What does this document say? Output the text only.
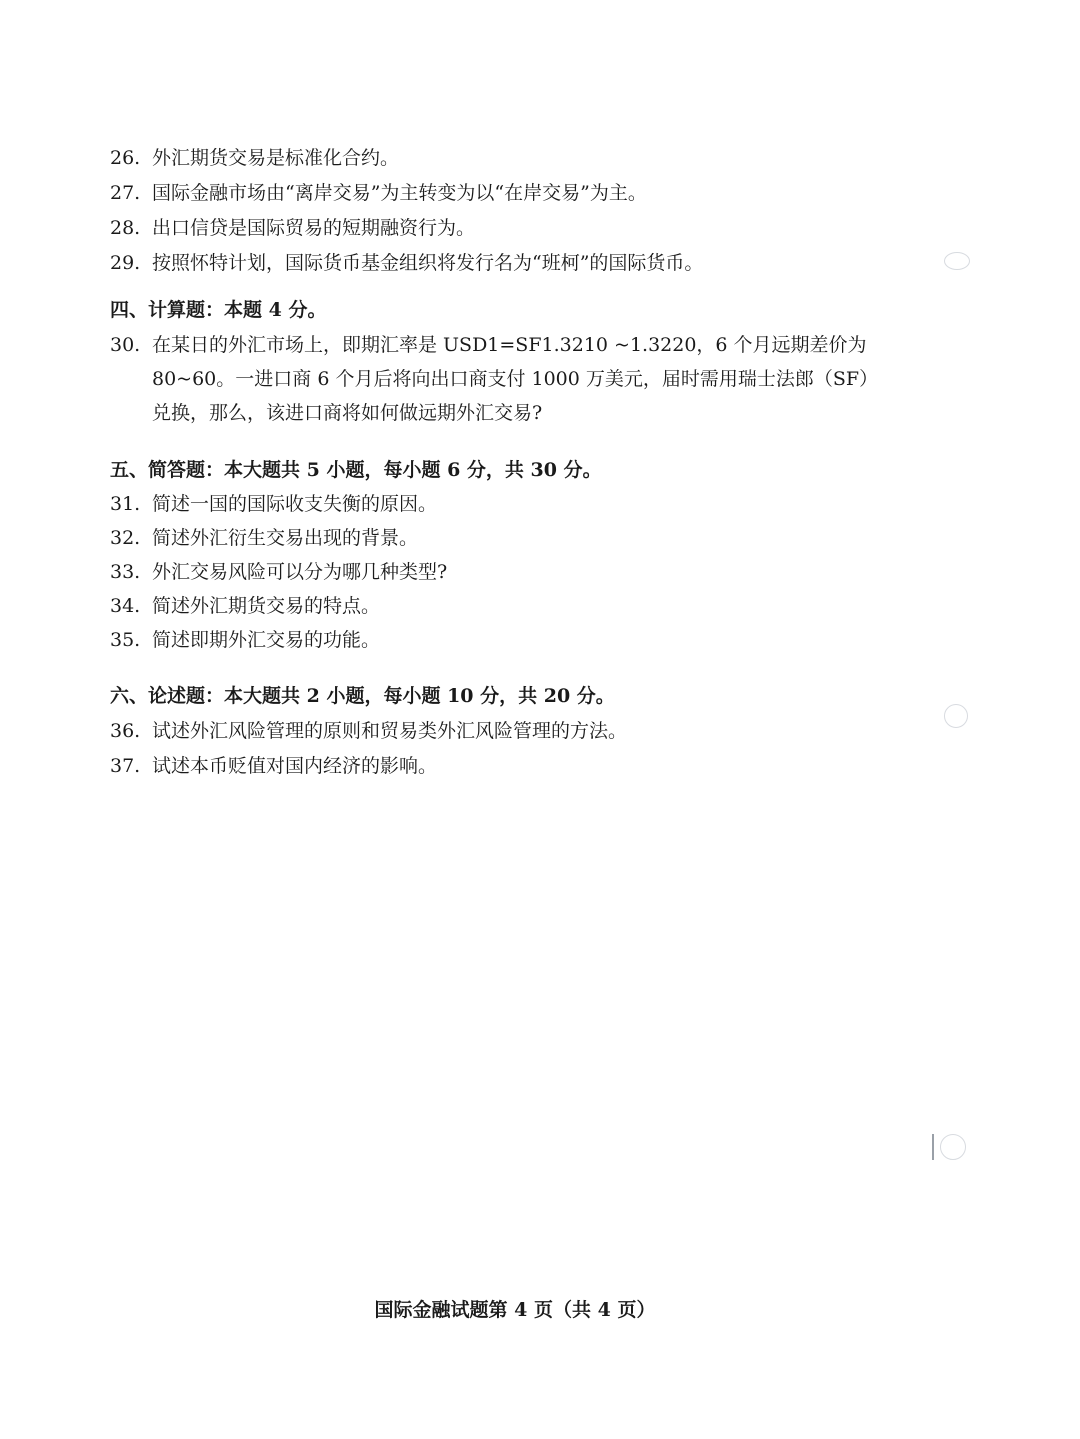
26. 外汇期货交易是标准化合约。
27. 国际金融市场由“离岸交易”为主转变为以“在岸交易”为主。
28. 出口信贷是国际贸易的短期融资行为。
29. 按照怀特计划，国际货币基金组织将发行名为“班柯”的国际货币。
四、计算题：本题 4 分。
30. 在某日的外汇市场上，即期汇率是 USD1=SF1.3210 ~1.3220，6 个月远期差价为
80~60。一进口商 6 个月后将向出口商支付 1000 万美元，届时需用瑞士法郎（SF）
兑换，那么，该进口商将如何做远期外汇交易?
五、简答题：本大题共 5 小题，每小题 6 分，共 30 分。
31. 简述一国的国际收支失衡的原因。
32. 简述外汇衍生交易出现的背景。
33. 外汇交易风险可以分为哪几种类型?
34. 简述外汇期货交易的特点。
35. 简述即期外汇交易的功能。
六、论述题：本大题共 2 小题，每小题 10 分，共 20 分。
36. 试述外汇风险管理的原则和贸易类外汇风险管理的方法。
37. 试述本币贬值对国内经济的影响。
国际金融试题第 4 页（共 4 页）
